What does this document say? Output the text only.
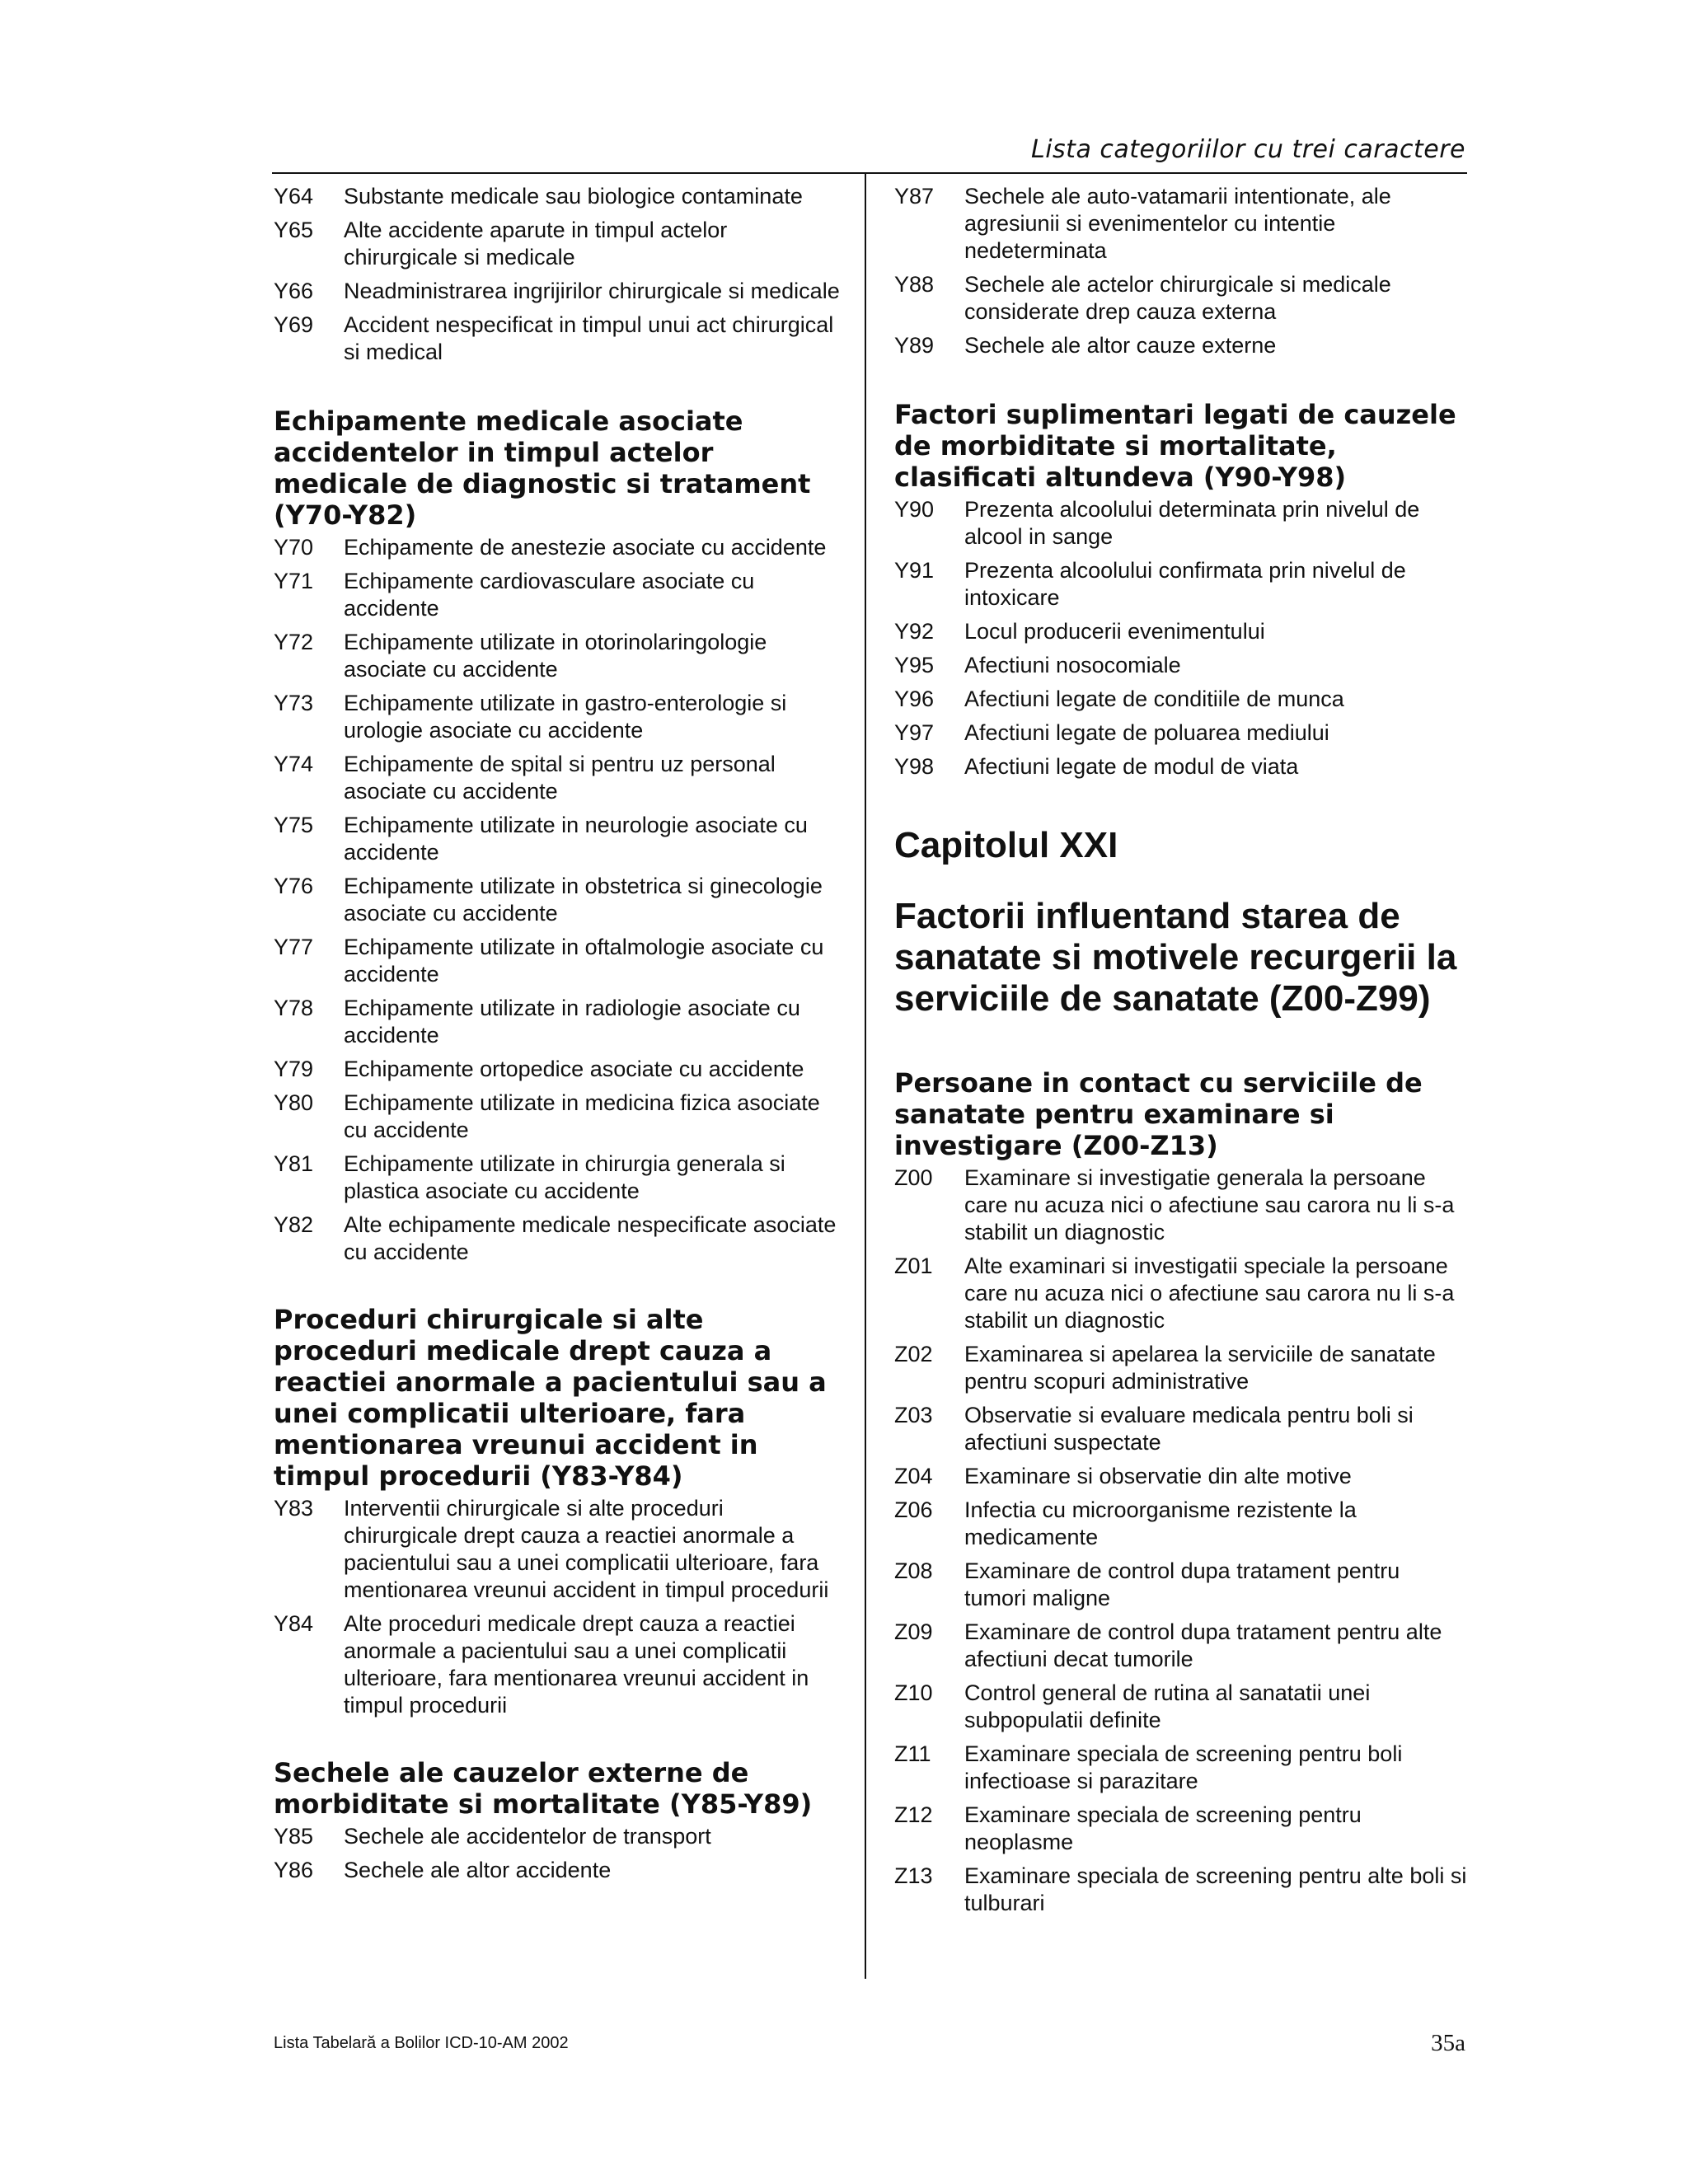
Lista categoriilor cu trei caractere
Y64	Substante medicale sau biologice contaminate
Y65	Alte accidente aparute in timpul actelor chirurgicale si medicale
Y66	Neadministrarea ingrijirilor chirurgicale si medicale
Y69	Accident nespecificat in timpul unui act chirurgical si medical
Echipamente medicale asociate accidentelor in timpul actelor medicale de diagnostic si tratament (Y70-Y82)
Y70	Echipamente de anestezie asociate cu accidente
Y71	Echipamente cardiovasculare asociate cu accidente
Y72	Echipamente utilizate in otorinolaringologie asociate cu accidente
Y73	Echipamente utilizate in gastro-enterologie si urologie asociate cu accidente
Y74	Echipamente de spital si pentru uz personal asociate cu accidente
Y75	Echipamente utilizate in neurologie asociate cu accidente
Y76	Echipamente utilizate in obstetrica si ginecologie asociate cu accidente
Y77	Echipamente utilizate in oftalmologie asociate cu accidente
Y78	Echipamente utilizate in radiologie asociate cu accidente
Y79	Echipamente ortopedice asociate cu accidente
Y80	Echipamente utilizate in medicina fizica asociate cu accidente
Y81	Echipamente utilizate in chirurgia generala si plastica asociate cu accidente
Y82	Alte echipamente medicale nespecificate asociate cu accidente
Proceduri chirurgicale si alte proceduri medicale drept cauza a reactiei anormale a pacientului sau a unei complicatii ulterioare, fara mentionarea vreunui accident in timpul procedurii (Y83-Y84)
Y83	Interventii chirurgicale si alte proceduri chirurgicale drept cauza a reactiei anormale a pacientului sau a unei complicatii ulterioare, fara mentionarea vreunui accident in timpul procedurii
Y84	Alte proceduri medicale drept cauza a reactiei anormale a pacientului sau a unei complicatii ulterioare, fara mentionarea vreunui accident in timpul procedurii
Sechele ale cauzelor externe de morbiditate si mortalitate (Y85-Y89)
Y85	Sechele ale accidentelor de transport
Y86	Sechele ale altor accidente
Y87	Sechele ale auto-vatamarii intentionate, ale agresiunii si evenimentelor cu intentie nedeterminata
Y88	Sechele ale actelor chirurgicale si medicale considerate drep cauza externa
Y89	Sechele ale altor cauze externe
Factori suplimentari legati de cauzele de morbiditate si mortalitate, clasificati altundeva (Y90-Y98)
Y90	Prezenta alcoolului determinata prin nivelul de alcool in sange
Y91	Prezenta alcoolului confirmata prin nivelul de intoxicare
Y92	Locul producerii evenimentului
Y95	Afectiuni nosocomiale
Y96	Afectiuni legate de conditiile de munca
Y97	Afectiuni legate de poluarea mediului
Y98	Afectiuni legate de modul de viata
Capitolul XXI
Factorii influentand starea de sanatate si motivele recurgerii la serviciile de sanatate (Z00-Z99)
Persoane in contact cu serviciile de sanatate pentru examinare si investigare (Z00-Z13)
Z00	Examinare si investigatie generala la persoane care nu acuza nici o afectiune sau carora nu li s-a stabilit un diagnostic
Z01	Alte examinari si investigatii speciale la persoane care nu acuza nici o afectiune sau carora nu li s-a stabilit un diagnostic
Z02	Examinarea si apelarea la serviciile de sanatate pentru scopuri administrative
Z03	Observatie si evaluare medicala pentru boli si afectiuni suspectate
Z04	Examinare si observatie din alte motive
Z06	Infectia cu microorganisme rezistente la medicamente
Z08	Examinare de control dupa tratament pentru tumori maligne
Z09	Examinare de control dupa tratament pentru alte afectiuni decat tumorile
Z10	Control general de rutina al sanatatii unei subpopulatii definite
Z11	Examinare speciala de screening pentru boli infectioase si parazitare
Z12	Examinare speciala de screening pentru neoplasme
Z13	Examinare speciala de screening pentru alte boli si tulburari
Lista Tabelară a Bolilor ICD-10-AM 2002	35a
